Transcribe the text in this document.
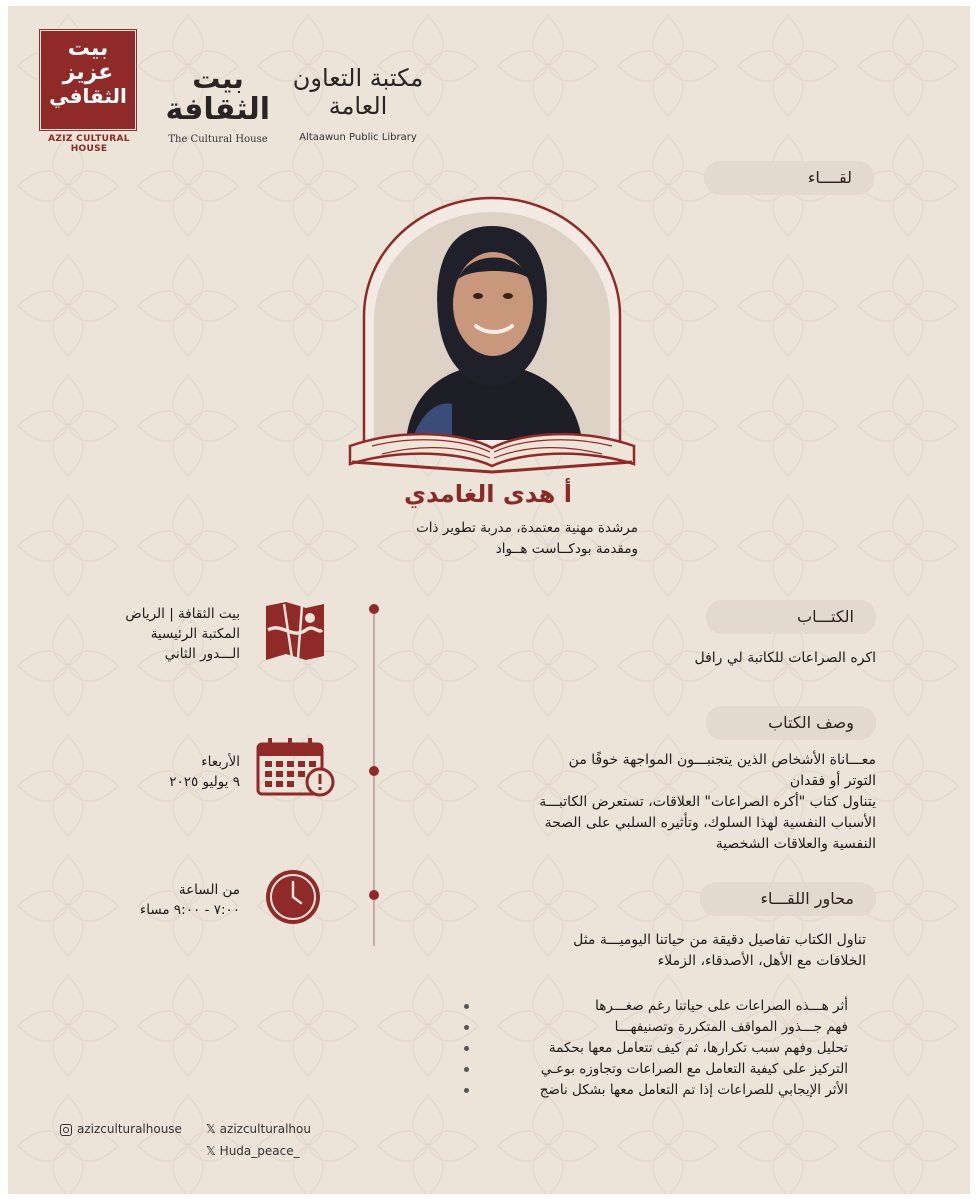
بيت
عزيز
الثقافي
AZIZ CULTURAL HOUSE
بيت
الثقافة
The Cultural House
مكتبة التعاون
العامة
Altaawun Public Library
لقــــاء
أ هدى الغامدي
مرشدة مهنية معتمدة، مدربة تطوير ذات
ومقدمة بودكــاست هــواد
بيت الثقافة | الرياض
المكتبة الرئيسية
الـــدور الثاني
الأربعاء
٩ يوليو ٢٠٢٥
من الساعة
٧:٠٠ - ٩:٠٠ مساء
الكتـــاب
اكره الصراعات للكاتبة لي رافل
وصف الكتاب
معـــاناة الأشخاص الذين يتجنبـــون المواجهة خوفًا من
التوتر أو فقدان
يتناول كتاب "أكره الصراعات" العلاقات، تستعرض الكاتبـــة
الأسباب النفسية لهذا السلوك، وتأثيره السلبي على الصحة
النفسية والعلاقات الشخصية
محاور اللقـــاء
تناول الكتاب تفاصيل دقيقة من حياتنا اليوميـــة مثل
الخلافات مع الأهل، الأصدقاء، الزملاء
أثر هـــذه الصراعات على حياتنا رغم صغـــرها
فهم جـــذور المواقف المتكررة وتصنيفهـــا
تحليل وفهم سبب تكرارها، ثم كيف تتعامل معها بحكمة
التركيز على كيفية التعامل مع الصراعات وتجاوزه بوعـي
الأثر الإيجابي للصراعات إذا تم التعامل معها بشكل ناضج
azizculturalhouse 𝕏 azizculturalhou
𝕏 Huda_peace_
